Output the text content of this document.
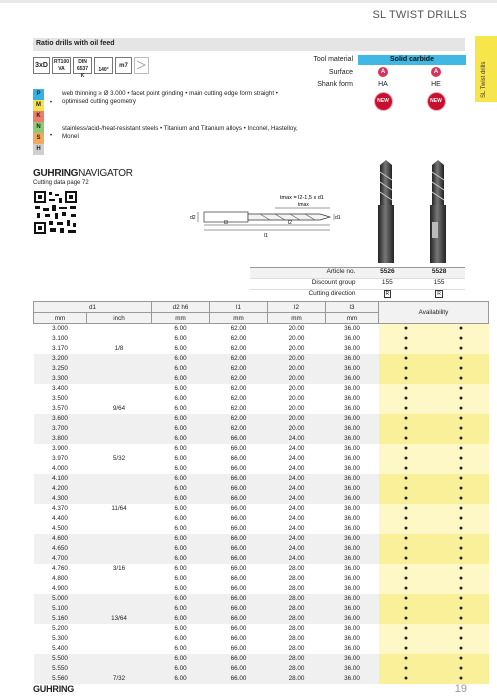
SL TWIST DRILLS
SL Twist drills
Ratio drills with oil feed
3xD	RT100 VA
DIN 6537 K
140°
m7
Tool material	Solid carbide
Surface	A	A
Shank form	HA	HE
NEW	NEW
P
M
K
N
S
H
•
•
web thinning ≥ Ø 3.000 • facet point grinding • main cutting edge form straight • optimised cutting geometry
stainless/acid-/heat-resistant steels • Titanium and Titanium alloys • Inconel, Hastelloy, Monel
GUHRINGNAVIGATOR
Cutting data page 72
tmax = l2-1,5 x d1
tmax
d2	d1
l3	l2
l1
Article no.	5526	5528
Discount group	155	155
Cutting direction	R	R
d1		d2 h6	l1	l2	l3	Availability	
mm	inch	mm	mm	mm	mm		
3.000		6.00	62.00	20.00	36.00	●	●
3.100		6.00	62.00	20.00	36.00	●	●
3.170	1/8	6.00	62.00	20.00	36.00	●	●
3.200		6.00	62.00	20.00	36.00	●	●
3.250		6.00	62.00	20.00	36.00	●	●
3.300		6.00	62.00	20.00	36.00	●	●
3.400		6.00	62.00	20.00	36.00	●	●
3.500		6.00	62.00	20.00	36.00	●	●
3.570	9/64	6.00	62.00	20.00	36.00	●	●
3.600		6.00	62.00	20.00	36.00	●	●
3.700		6.00	62.00	20.00	36.00	●	●
3.800		6.00	66.00	24.00	36.00	●	●
3.900		6.00	66.00	24.00	36.00	●	●
3.970	5/32	6.00	66.00	24.00	36.00	●	●
4.000		6.00	66.00	24.00	36.00	●	●
4.100		6.00	66.00	24.00	36.00	●	●
4.200		6.00	66.00	24.00	36.00	●	●
4.300		6.00	66.00	24.00	36.00	●	●
4.370	11/64	6.00	66.00	24.00	36.00	●	●
4.400		6.00	66.00	24.00	36.00	●	●
4.500		6.00	66.00	24.00	36.00	●	●
4.600		6.00	66.00	24.00	36.00	●	●
4.650		6.00	66.00	24.00	36.00	●	●
4.700		6.00	66.00	24.00	36.00	●	●
4.760	3/16	6.00	66.00	28.00	36.00	●	●
4.800		6.00	66.00	28.00	36.00	●	●
4.900		6.00	66.00	28.00	36.00	●	●
5.000		6.00	66.00	28.00	36.00	●	●
5.100		6.00	66.00	28.00	36.00	●	●
5.160	13/64	6.00	66.00	28.00	36.00	●	●
5.200		6.00	66.00	28.00	36.00	●	●
5.300		6.00	66.00	28.00	36.00	●	●
5.400		6.00	66.00	28.00	36.00	●	●
5.500		6.00	66.00	28.00	36.00	●	●
5.550		6.00	66.00	28.00	36.00	●	●
5.560	7/32	6.00	66.00	28.00	36.00	●	●
GUHRING	19
